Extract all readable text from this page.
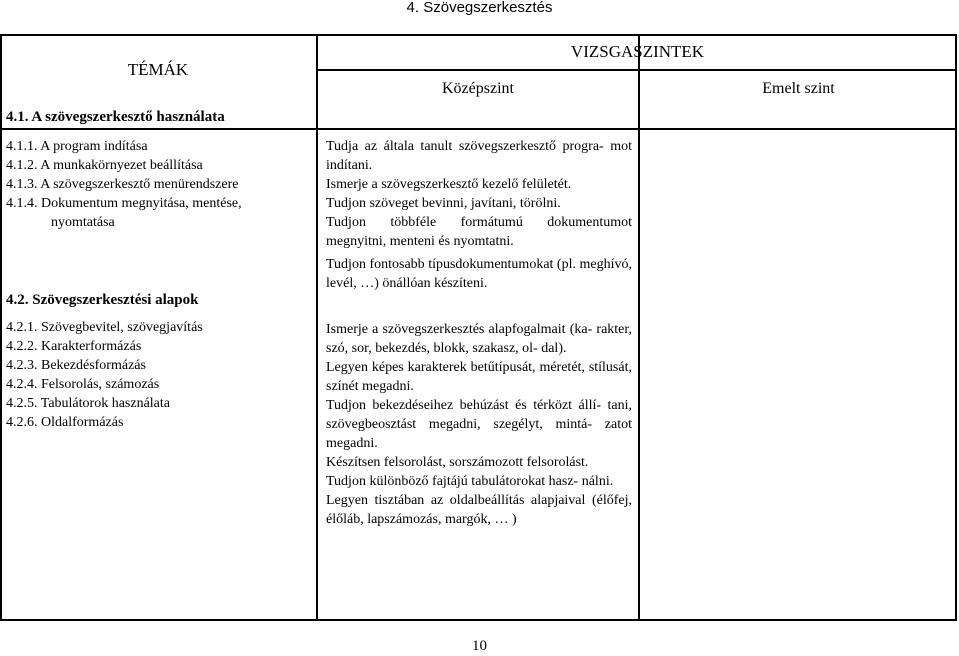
4. Szövegszerkesztés
TÉMÁK
VIZSGASZINTEK
Középszint	Emelt szint
4.1. A szövegszerkesztő használata
4.1.1. A program indítása
4.1.2. A munkakörnyezet beállítása
4.1.3. A szövegszerkesztő menürendszere
4.1.4. Dokumentum megnyitása, mentése,
nyomtatása
Tudja az általa tanult szövegszerkesztő progra- mot indítani.
Ismerje a szövegszerkesztő kezelő felületét.
Tudjon szöveget bevinni, javítani, törölni.
Tudjon többféle formátumú dokumentumot megnyitni, menteni és nyomtatni.
Tudjon fontosabb típusdokumentumokat (pl. meghívó, levél, …) önállóan készíteni.
4.2. Szövegszerkesztési alapok
4.2.1. Szövegbevitel, szövegjavítás
4.2.2. Karakterformázás
4.2.3. Bekezdésformázás
4.2.4. Felsorolás, számozás
4.2.5. Tabulátorok használata
4.2.6. Oldalformázás
Ismerje a szövegszerkesztés alapfogalmait (ka- rakter, szó, sor, bekezdés, blokk, szakasz, ol- dal).
Legyen képes karakterek betűtípusát, méretét, stílusát, színét megadni.
Tudjon bekezdéseihez behúzást és térközt állí- tani, szövegbeosztást megadni, szegélyt, mintá- zatot megadni.
Készítsen felsorolást, sorszámozott felsorolást.
Tudjon különböző fajtájú tabulátorokat hasz- nálni.
Legyen tisztában az oldalbeállítás alapjaival (élőfej, élőláb, lapszámozás, margók, … )
10
